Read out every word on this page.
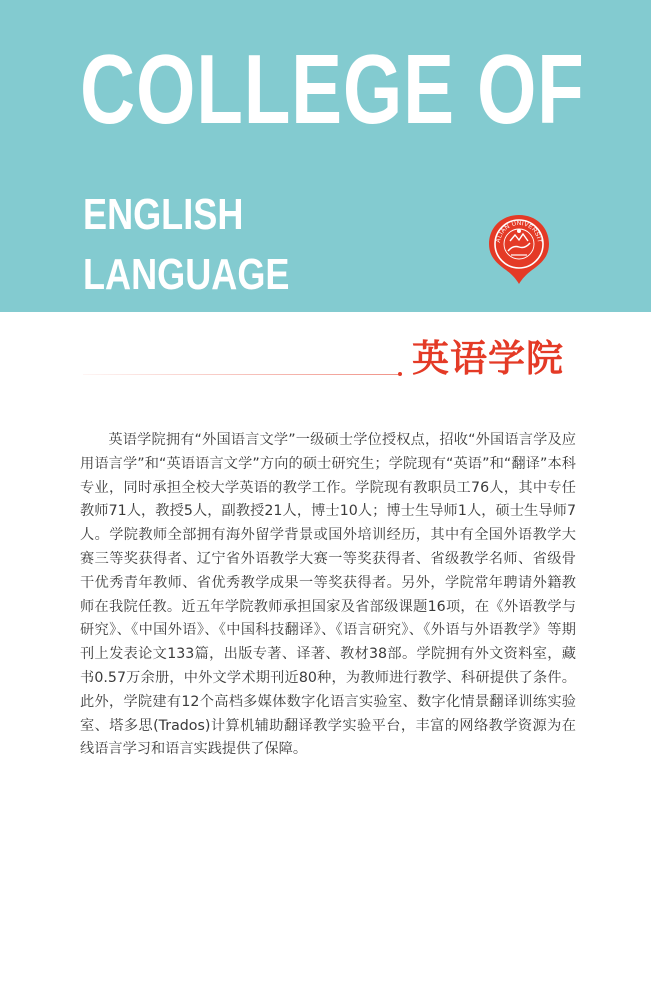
COLLEGE OF
ENGLISH
LANGUAGE
ALIAN UNIVERSIT
英语学院

英语学院拥有“外国语言文学”一级硕士学位授权点，招收“外国语言学及应用语言学”和“英语语言文学”方向的硕士研究生；学院现有“英语”和“翻译”本科专业，同时承担全校大学英语的教学工作。学院现有教职员工76人，其中专任教师71人，教授5人，副教授21人，博士10人；博士生导师1人，硕士生导师7人。学院教师全部拥有海外留学背景或国外培训经历，其中有全国外语教学大赛三等奖获得者、辽宁省外语教学大赛一等奖获得者、省级教学名师、省级骨干优秀青年教师、省优秀教学成果一等奖获得者。另外，学院常年聘请外籍教师在我院任教。近五年学院教师承担国家及省部级课题16项，在《外语教学与研究》、《中国外语》、《中国科技翻译》、《语言研究》、《外语与外语教学》等期刊上发表论文133篇，出版专著、译著、教材38部。学院拥有外文资料室，藏书0.57万余册，中外文学术期刊近80种，为教师进行教学、科研提供了条件。此外，学院建有12个高档多媒体数字化语言实验室、数字化情景翻译训练实验室、塔多思(Trados)计算机辅助翻译教学实验平台，丰富的网络教学资源为在线语言学习和语言实践提供了保障。
